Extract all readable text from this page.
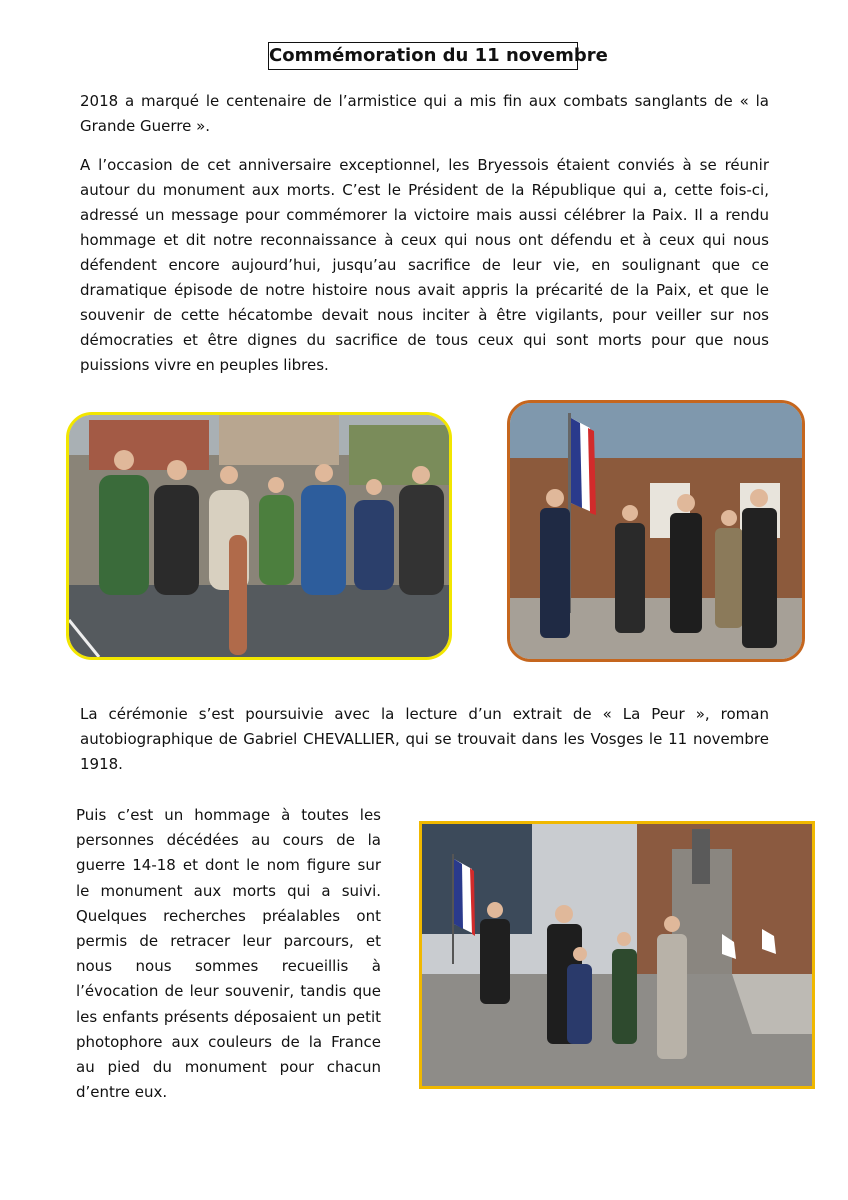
Commémoration du 11 novembre

2018 a marqué le centenaire de l’armistice qui a mis fin aux combats sanglants de « la Grande Guerre ».

A l’occasion de cet anniversaire exceptionnel, les Bryessois étaient conviés à se réunir autour du monument aux morts. C’est le Président de la République qui a, cette fois-ci, adressé un message pour commémorer la victoire mais aussi célébrer la Paix. Il a rendu hommage et dit notre reconnaissance à ceux qui nous ont défendu et à ceux qui nous défendent encore aujourd’hui, jusqu’au sacrifice de leur vie, en soulignant que ce dramatique épisode de notre histoire nous avait appris la précarité de la Paix, et que le souvenir de cette hécatombe devait nous inciter à être vigilants, pour veiller sur nos démocraties et être dignes du sacrifice de tous ceux qui sont morts pour que nous puissions vivre en peuples libres.

La cérémonie s’est poursuivie avec la lecture d’un extrait de « La Peur », roman autobiographique de Gabriel CHEVALLIER, qui se trouvait dans les Vosges le 11 novembre 1918.

Puis c’est un hommage à toutes les personnes décédées au cours de la guerre 14-18 et dont le nom figure sur le monument aux morts qui a suivi. Quelques recherches préalables ont permis de retracer leur parcours, et nous nous sommes recueillis à l’évocation de leur souvenir, tandis que les enfants présents déposaient un petit photophore aux couleurs de la France au pied du monument pour chacun d’entre eux.
